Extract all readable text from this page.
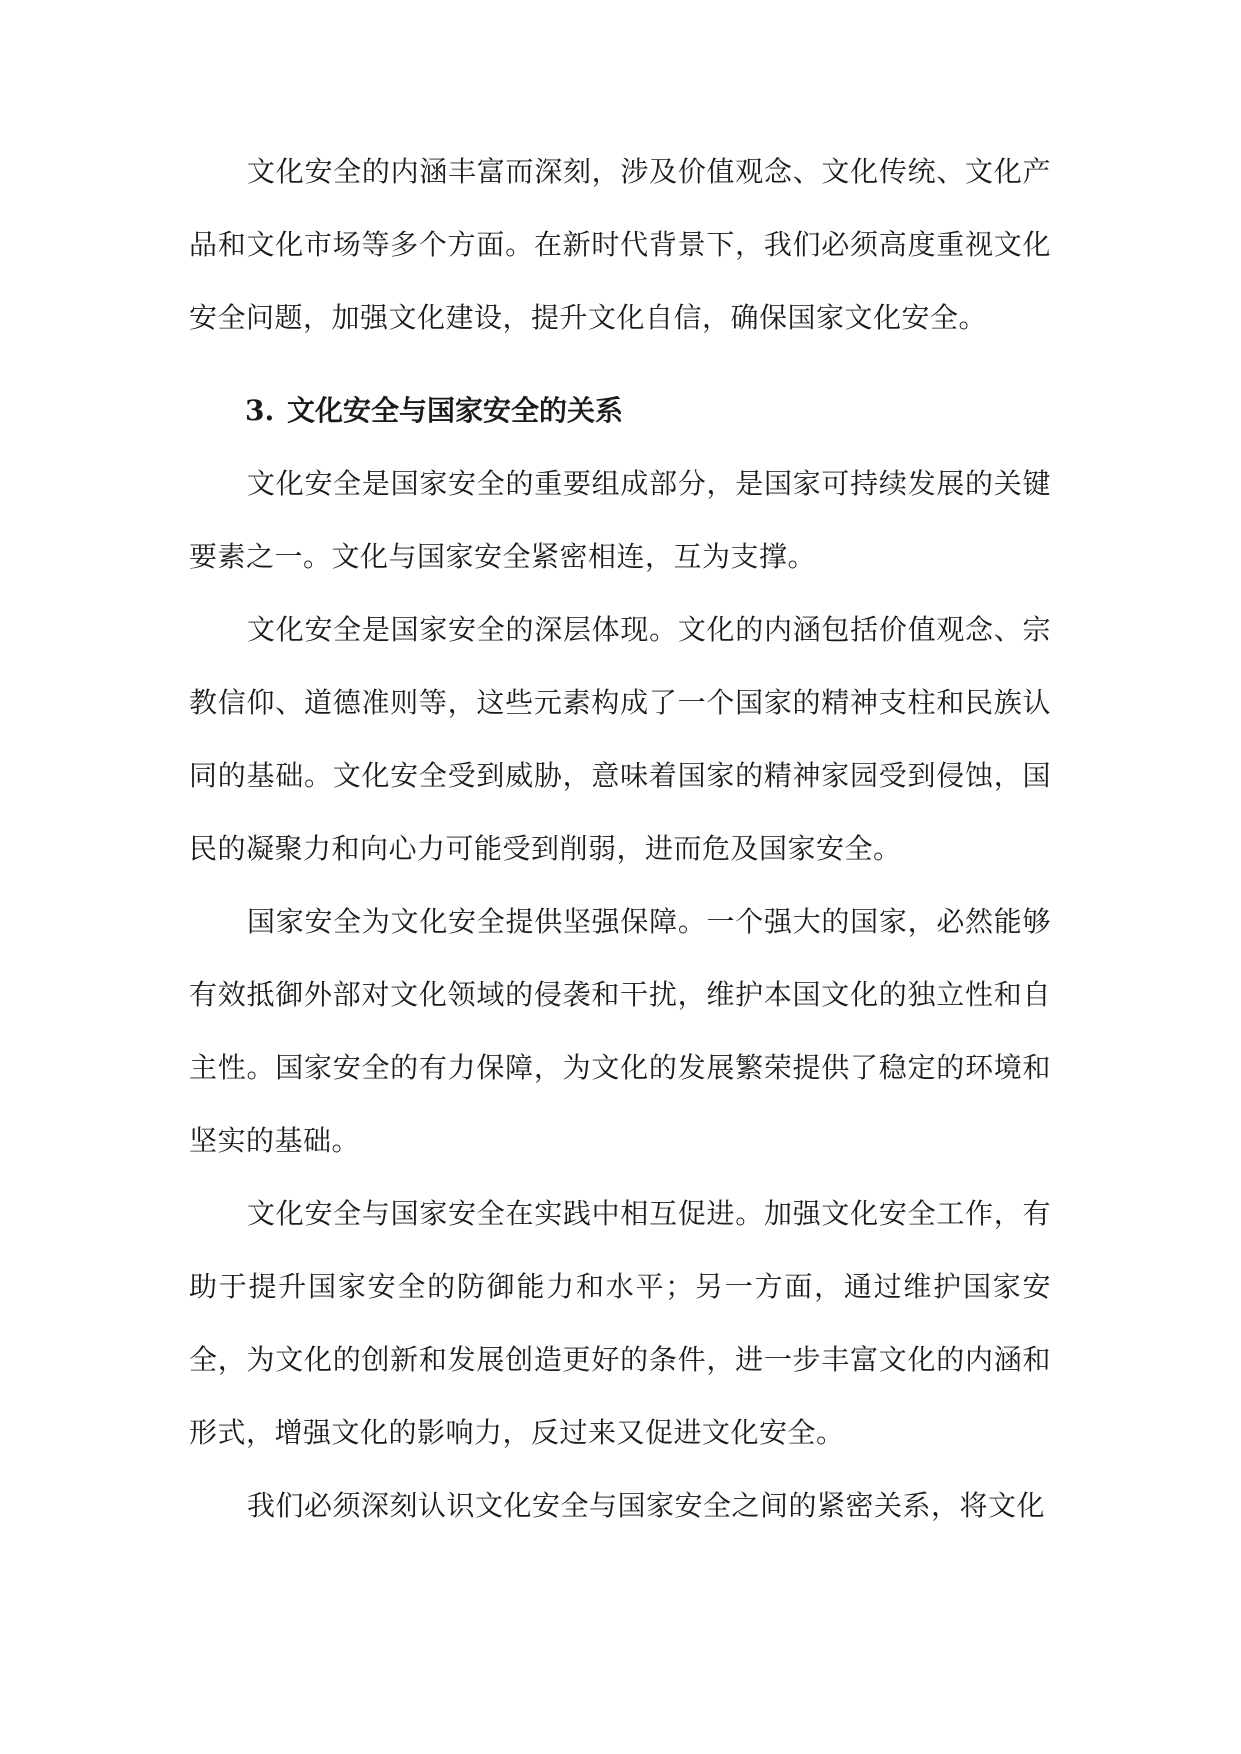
文化安全的内涵丰富而深刻，涉及价值观念、文化传统、文化产品和文化市场等多个方面。在新时代背景下，我们必须高度重视文化安全问题，加强文化建设，提升文化自信，确保国家文化安全。

3. 文化安全与国家安全的关系

文化安全是国家安全的重要组成部分，是国家可持续发展的关键要素之一。文化与国家安全紧密相连，互为支撑。

文化安全是国家安全的深层体现。文化的内涵包括价值观念、宗教信仰、道德准则等，这些元素构成了一个国家的精神支柱和民族认同的基础。文化安全受到威胁，意味着国家的精神家园受到侵蚀，国民的凝聚力和向心力可能受到削弱，进而危及国家安全。

国家安全为文化安全提供坚强保障。一个强大的国家，必然能够有效抵御外部对文化领域的侵袭和干扰，维护本国文化的独立性和自主性。国家安全的有力保障，为文化的发展繁荣提供了稳定的环境和坚实的基础。

文化安全与国家安全在实践中相互促进。加强文化安全工作，有助于提升国家安全的防御能力和水平；另一方面，通过维护国家安全，为文化的创新和发展创造更好的条件，进一步丰富文化的内涵和形式，增强文化的影响力，反过来又促进文化安全。

我们必须深刻认识文化安全与国家安全之间的紧密关系，将文化
